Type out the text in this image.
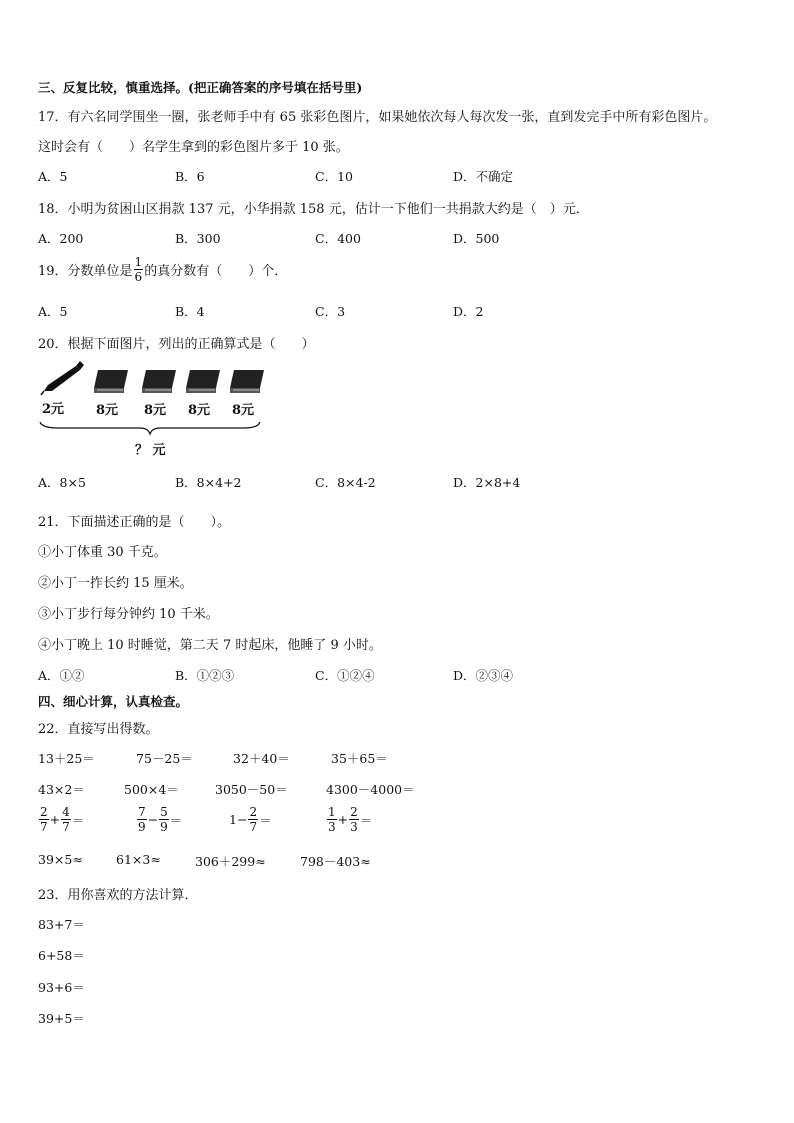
三、反复比较，慎重选择。(把正确答案的序号填在括号里)
17．有六名同学围坐一圈，张老师手中有 65 张彩色图片，如果她依次每人每次发一张，直到发完手中所有彩色图片。
这时会有（　　）名学生拿到的彩色图片多于 10 张。
A．5	B．6	C．10	D．不确定
18．小明为贫困山区捐款 137 元，小华捐款 158 元，估计一下他们一共捐款大约是（　）元．
A．200	B．300	C．400	D．500
19．分数单位是 $\frac{1}{6}$ 的真分数有（　　）个．
A．5	B．4	C．3	D．2
20．根据下面图片，列出的正确算式是（　　）
2元 8元 8元 8元 8元
？ 元
A．8×5	B．8×4+2	C．8×4-2	D．2×8+4
21．下面描述正确的是（　　）。
①小丁体重 30 千克。
②小丁一拃长约 15 厘米。
③小丁步行每分钟约 10 千米。
④小丁晚上 10 时睡觉，第二天 7 时起床，他睡了 9 小时。
A．①②	B．①②③	C．①②④	D．②③④
四、细心计算，认真检查。
22．直接写出得数。
13＋25＝	75－25＝	32＋40＝	35＋65＝
43×2＝	500×4＝	3050－50＝	4300－4000＝
$\frac{2}{7} + \frac{4}{7}$ ＝	$\frac{7}{9} - \frac{5}{9}$ ＝	$1 - \frac{2}{7}$ ＝	$\frac{1}{3} + \frac{2}{3}$ ＝
39×5≈	61×3≈	306＋299≈	798－403≈
23．用你喜欢的方法计算．
83+7＝
6+58＝
93+6＝
39+5＝
